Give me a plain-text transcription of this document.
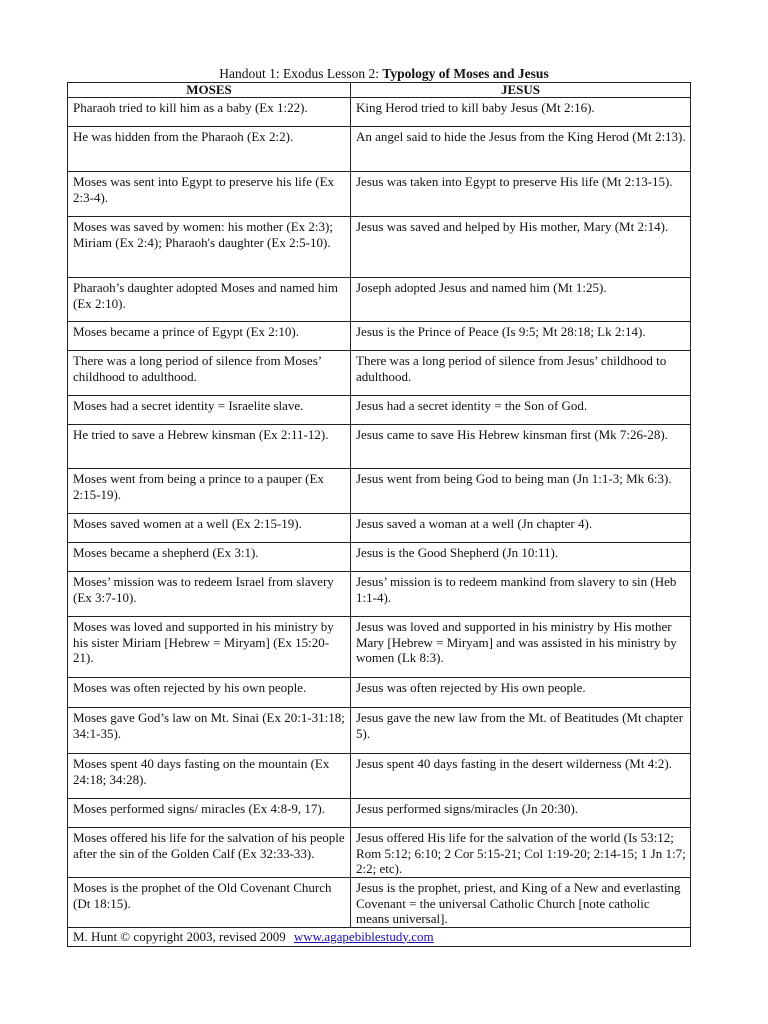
Handout 1: Exodus Lesson 2: Typology of Moses and Jesus
MOSES	JESUS
Pharaoh tried to kill him as a baby (Ex 1:22).	King Herod tried to kill baby Jesus (Mt 2:16).
He was hidden from the Pharaoh (Ex 2:2).	An angel said to hide the Jesus from the King Herod (Mt 2:13).
Moses was sent into Egypt to preserve his life (Ex 2:3-4).	Jesus was taken into Egypt to preserve His life (Mt 2:13-15).
Moses was saved by women: his mother (Ex 2:3); Miriam (Ex 2:4); Pharaoh's daughter (Ex 2:5-10).	Jesus was saved and helped by His mother, Mary (Mt 2:14).
Pharaoh’s daughter adopted Moses and named him (Ex 2:10).	Joseph adopted Jesus and named him (Mt 1:25).
Moses became a prince of Egypt (Ex 2:10).	Jesus is the Prince of Peace (Is 9:5; Mt 28:18; Lk 2:14).
There was a long period of silence from Moses’ childhood to adulthood.	There was a long period of silence from Jesus’ childhood to adulthood.
Moses had a secret identity = Israelite slave.	Jesus had a secret identity = the Son of God.
He tried to save a Hebrew kinsman (Ex 2:11-12).	Jesus came to save His Hebrew kinsman first (Mk 7:26-28).
Moses went from being a prince to a pauper (Ex 2:15-19).	Jesus went from being God to being man (Jn 1:1-3; Mk 6:3).
Moses saved women at a well (Ex 2:15-19).	Jesus saved a woman at a well (Jn chapter 4).
Moses became a shepherd (Ex 3:1).	Jesus is the Good Shepherd (Jn 10:11).
Moses’ mission was to redeem Israel from slavery (Ex 3:7-10).	Jesus’ mission is to redeem mankind from slavery to sin (Heb 1:1-4).
Moses was loved and supported in his ministry by his sister Miriam [Hebrew = Miryam] (Ex 15:20-21).	Jesus was loved and supported in his ministry by His mother Mary [Hebrew = Miryam] and was assisted in his ministry by women (Lk 8:3).
Moses was often rejected by his own people.	Jesus was often rejected by His own people.
Moses gave God’s law on Mt. Sinai (Ex 20:1-31:18; 34:1-35).	Jesus gave the new law from the Mt. of Beatitudes (Mt chapter 5).
Moses spent 40 days fasting on the mountain (Ex 24:18; 34:28).	Jesus spent 40 days fasting in the desert wilderness (Mt 4:2).
Moses performed signs/ miracles (Ex 4:8-9, 17).	Jesus performed signs/miracles (Jn 20:30).
Moses offered his life for the salvation of his people after the sin of the Golden Calf (Ex 32:33-33).	Jesus offered His life for the salvation of the world (Is 53:12; Rom 5:12; 6:10; 2 Cor 5:15-21; Col 1:19-20; 2:14-15; 1 Jn 1:7; 2:2; etc).
Moses is the prophet of the Old Covenant Church (Dt 18:15).	Jesus is the prophet, priest, and King of a New and everlasting Covenant = the universal Catholic Church [note catholic means universal].
M. Hunt © copyright 2003, revised 2009 www.agapebiblestudy.com	
